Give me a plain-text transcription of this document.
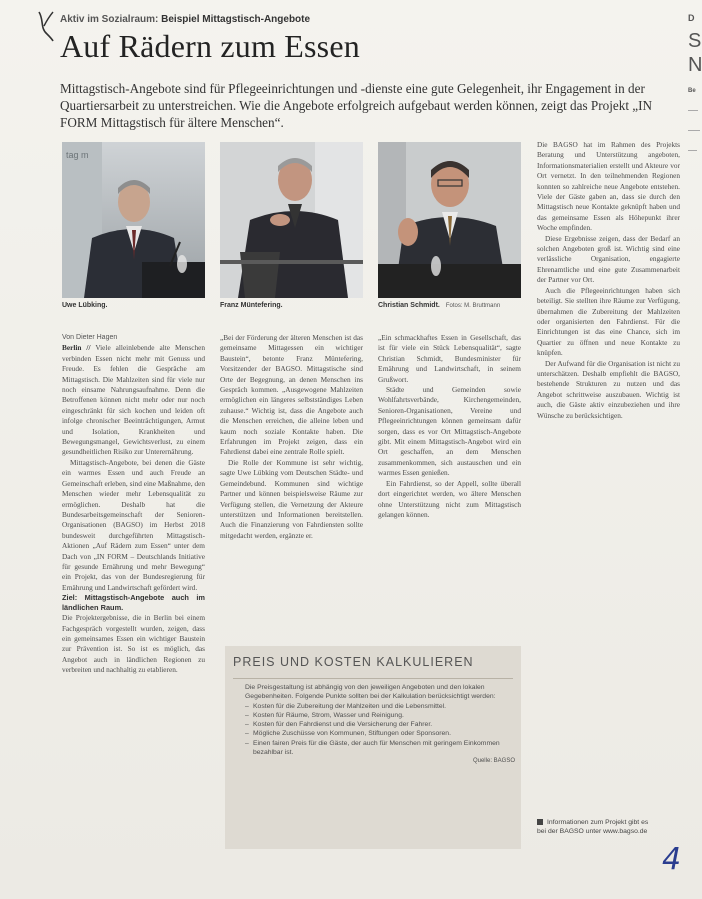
Aktiv im Sozialraum: Beispiel Mittagstisch-Angebote
Auf Rädern zum Essen
Mittagstisch-Angebote sind für Pflegeeinrichtungen und -dienste eine gute Gelegenheit, ihr Engagement in der Quartiersarbeit zu unterstreichen. Wie die Angebote erfolgreich aufgebaut werden können, zeigt das Projekt „IN FORM Mittagstisch für ältere Menschen“.
tag m
Uwe Lübking.	Franz Müntefering.	Christian Schmidt. Fotos: M. Bruttmann

Von Dieter Hagen

Berlin // Viele alleinlebende alte Menschen verbinden Essen nicht mehr mit Genuss und Freude. Es fehlen die Gespräche am Mittagstisch. Die Mahlzeiten sind für viele nur noch einsame Nahrungsaufnahme. Denn die Betroffenen können nicht mehr oder nur noch eingeschränkt für sich kochen und leiden oft infolge chronischer Beeinträchtigungen, Armut und Isolation, Krankheiten und Bewegungsmangel, Gewichtsverlust, zu einem gesundheitlichen Risiko zur Unterernährung.

Mittagstisch-Angebote, bei denen die Gäste ein warmes Essen und auch Freude an Gemeinschaft erleben, sind eine Maßnahme, den Menschen wieder mehr Lebensqualität zu ermöglichen. Deshalb hat die Bundesarbeitsgemeinschaft der Senioren-Organisationen (BAGSO) im Herbst 2018 bundesweit durchgeführten Mittagstisch-Aktionen „Auf Rädern zum Essen“ unter dem Dach von „IN FORM – Deutschlands Initiative für gesunde Ernährung und mehr Bewegung“ ein Projekt, das von der Bundesregierung für Ernährung und Landwirtschaft gefördert wird.

Ziel: Mittagstisch-Angebote auch im ländlichen Raum.

Die Projektergebnisse, die in Berlin bei einem Fachgespräch vorgestellt wurden, zeigen, dass ein gemeinsames Essen ein wichtiger Baustein zur Prävention ist. So ist es möglich, das Angebot auch in ländlichen Regionen zu verbreiten und nachhaltig zu etablieren.

„Bei der Förderung der älteren Menschen ist das gemeinsame Mittagessen ein wichtiger Baustein“, betonte Franz Müntefering, Vorsitzender der BAGSO. Mittagstische sind Orte der Begegnung, an denen Menschen ins Gespräch kommen. „Ausgewogene Mahlzeiten ermöglichen ein längeres selbstständiges Leben zuhause.“ Wichtig ist, dass die Angebote auch die Menschen erreichen, die alleine leben und kaum noch soziale Kontakte haben. Die Erfahrungen im Projekt zeigen, dass ein Fahrdienst dabei eine zentrale Rolle spielt.

Die Rolle der Kommune ist sehr wichtig, sagte Uwe Lübking vom Deutschen Städte- und Gemeindebund. Kommunen sind wichtige Partner und können beispielsweise Räume zur Verfügung stellen, die Vernetzung der Akteure unterstützen und Informationen bereitstellen. Auch die Finanzierung von Fahrdiensten sollte mitgedacht werden, ergänzte er.

„Ein schmackhaftes Essen in Gesellschaft, das ist für viele ein Stück Lebensqualität“, sagte Christian Schmidt, Bundesminister für Ernährung und Landwirtschaft, in seinem Grußwort.

Städte und Gemeinden sowie Wohlfahrtsverbände, Kirchengemeinden, Senioren-Organisationen, Vereine und Pflegeeinrichtungen können gemeinsam dafür sorgen, dass es vor Ort Mittagstisch-Angebote gibt. Mit einem Mittagstisch-Angebot wird ein Ort geschaffen, an dem Menschen zusammenkommen, sich austauschen und ein warmes Essen genießen.

Ein Fahrdienst, so der Appell, sollte überall dort eingerichtet werden, wo ältere Menschen ohne Unterstützung nicht zum Mittagstisch gelangen können.

Die BAGSO hat im Rahmen des Projekts Beratung und Unterstützung angeboten, Informationsmaterialien erstellt und Akteure vor Ort vernetzt. In den teilnehmenden Regionen konnten so zahlreiche neue Angebote entstehen. Viele der Gäste gaben an, dass sie durch den Mittagstisch neue Kontakte geknüpft haben und das gemeinsame Essen als Höhepunkt ihrer Woche empfinden.

Diese Ergebnisse zeigen, dass der Bedarf an solchen Angeboten groß ist. Wichtig sind eine verlässliche Organisation, engagierte Ehrenamtliche und eine gute Zusammenarbeit der Partner vor Ort.

Auch die Pflegeeinrichtungen haben sich beteiligt. Sie stellten ihre Räume zur Verfügung, übernahmen die Zubereitung der Mahlzeiten oder organisierten den Fahrdienst. Für die Einrichtungen ist das eine Chance, sich im Quartier zu öffnen und neue Kontakte zu knüpfen.

Der Aufwand für die Organisation ist nicht zu unterschätzen. Deshalb empfiehlt die BAGSO, bestehende Strukturen zu nutzen und das Angebot schrittweise auszubauen. Wichtig ist auch, die Gäste aktiv einzubeziehen und ihre Wünsche zu berücksichtigen.

PREIS UND KOSTEN KALKULIEREN

Die Preisgestaltung ist abhängig von den jeweiligen Angeboten und den lokalen Gegebenheiten. Folgende Punkte sollten bei der Kalkulation berücksichtigt werden:

– Kosten für die Zubereitung der Mahlzeiten und die Lebensmittel.
– Kosten für Räume, Strom, Wasser und Reinigung.
– Kosten für den Fahrdienst und die Versicherung der Fahrer.
– Mögliche Zuschüsse von Kommunen, Stiftungen oder Sponsoren.
– Einen fairen Preis für die Gäste, der auch für Menschen mit geringem Einkommen bezahlbar ist.

Quelle: BAGSO

Informationen zum Projekt gibt es bei der BAGSO unter www.bagso.de
4
D
S
N
Be
